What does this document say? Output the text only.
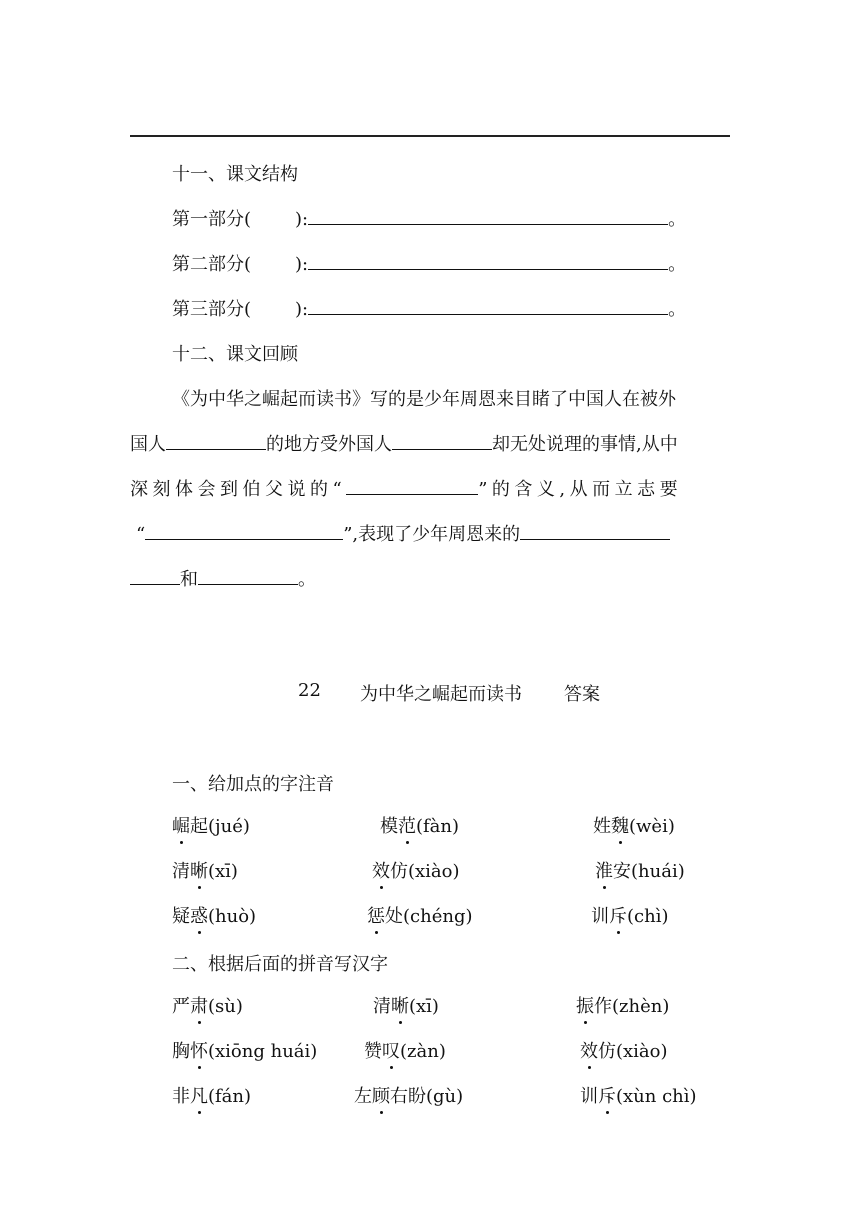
十一、课文结构
第一部分( ):	。
第二部分( ):	。
第三部分( ):	。
十二、课文回顾
《为中华之崛起而读书》写的是少年周恩来目睹了中国人在被外
国人	的地方受外国人	却无处说理的事情,从中
深刻体会到伯父说的“	”的含义,从而立志要
“	”,表现了少年周恩来的
和	。
22 为中华之崛起而读书 答案
一、给加点的字注音
崛起(jué)	模范(fàn)	姓魏(wèi)
清晰(xī)	效仿(xiào)	淮安(huái)
疑惑(huò)	惩处(chéng)	训斥(chì)
二、根据后面的拼音写汉字
严肃(sù)	清晰(xī)	振作(zhèn)
胸怀(xiōng huái)	赞叹(zàn)	效仿(xiào)
非凡(fán)	左顾右盼(gù)	训斥(xùn chì)
